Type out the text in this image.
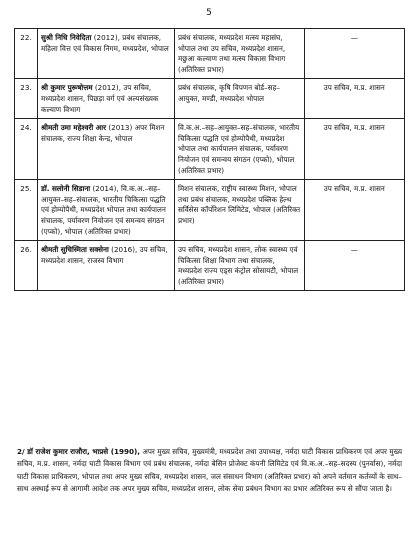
5
22.	सुश्री निधि निवेदिता (2012), प्रबंध संचालक, महिला वित्त एवं विकास निगम, मध्यप्रदेश, भोपाल	प्रबंध संचालक, मध्यप्रदेश मत्स्य महासंघ, भोपाल तथा उप सचिव, मध्यप्रदेश शासन, मछुआ कल्याण तथा मत्स्य विकास विभाग (अतिरिक्त प्रभार)	—
23.	श्री कुमार पुरूषोत्तम (2012), उप सचिव, मध्यप्रदेश शासन, पिछड़ा वर्ग एवं अल्पसंख्यक कल्याण विभाग	प्रबंध संचालक, कृषि विपणन बोर्ड–सह–आयुक्त, मण्डी, मध्यप्रदेश भोपाल	उप सचिव, म.प्र. शासन
24.	श्रीमती उमा महेश्वरी आर (2013) अपर मिशन संचालक, राज्य शिक्षा केन्द्र, भोपाल	वि.क.अ.–सह–आयुक्त–सह–संचालक, भारतीय चिकित्सा पद्धति एवं होम्योपैथी, मध्यप्रदेश भोपाल तथा कार्यपालन संचालक, पर्यावरण नियोजन एवं समन्वय संगठन (एप्को), भोपाल (अतिरिक्त प्रभार)	उप सचिव, म.प्र. शासन
25.	डॉ. सलोनी सिडाना (2014), वि.क.अ.–सह–आयुक्त–सह–संचालक, भारतीय चिकित्सा पद्धति एवं होम्योपैथी, मध्यप्रदेश भोपाल तथा कार्यपालन संचालक, पर्यावरण नियोजन एवं समन्वय संगठन (एप्को), भोपाल (अतिरिक्त प्रभार)	मिशन संचालक, राष्ट्रीय स्वास्थ्य मिशन, भोपाल तथा प्रबंध संचालक, मध्यप्रदेश पब्लिक हेल्थ सर्विसेस कॉर्पोरेशन लिमिटेड, भोपाल (अतिरिक्त प्रभार)	उप सचिव, म.प्र. शासन
26.	श्रीमती सुचिस्मिता सक्सेना (2016), उप सचिव, मध्यप्रदेश शासन, राजस्व विभाग	उप सचिव, मध्यप्रदेश शासन, लोक स्वास्थ्य एवं चिकित्सा शिक्षा विभाग तथा संचालक, मध्यप्रदेश राज्य एड्स कंट्रोल सोसायटी, भोपाल (अतिरिक्त प्रभार)	—
2/ डॉ राजेश कुमार राजौरा, भाप्रसे (1990), अपर मुख्य सचिव, मुख्यमंत्री, मध्यप्रदेश तथा उपाध्यक्ष, नर्मदा घाटी विकास प्राधिकरण एवं अपर मुख्य सचिव, म.प्र. शासन, नर्मदा घाटी विकास विभाग एवं प्रबंध संचालक, नर्मदा बेसिन प्रोजेक्ट कंपनी लिमिटेड एवं वि.क.अ.–सह–सदस्य (पुनर्वास), नर्मदा घाटी विकास प्राधिकरण, भोपाल तथा अपर मुख्य सचिव, मध्यप्रदेश शासन, जल संसाधन विभाग (अतिरिक्त प्रभार) को अपने वर्तमान कर्तव्यों के साथ–साथ अस्थाई रूप से आगामी आदेश तक अपर मुख्य सचिव, मध्यप्रदेश शासन, लोक सेवा प्रबंधन विभाग का प्रभार अतिरिक्त रूप से सौंपा जाता है।
